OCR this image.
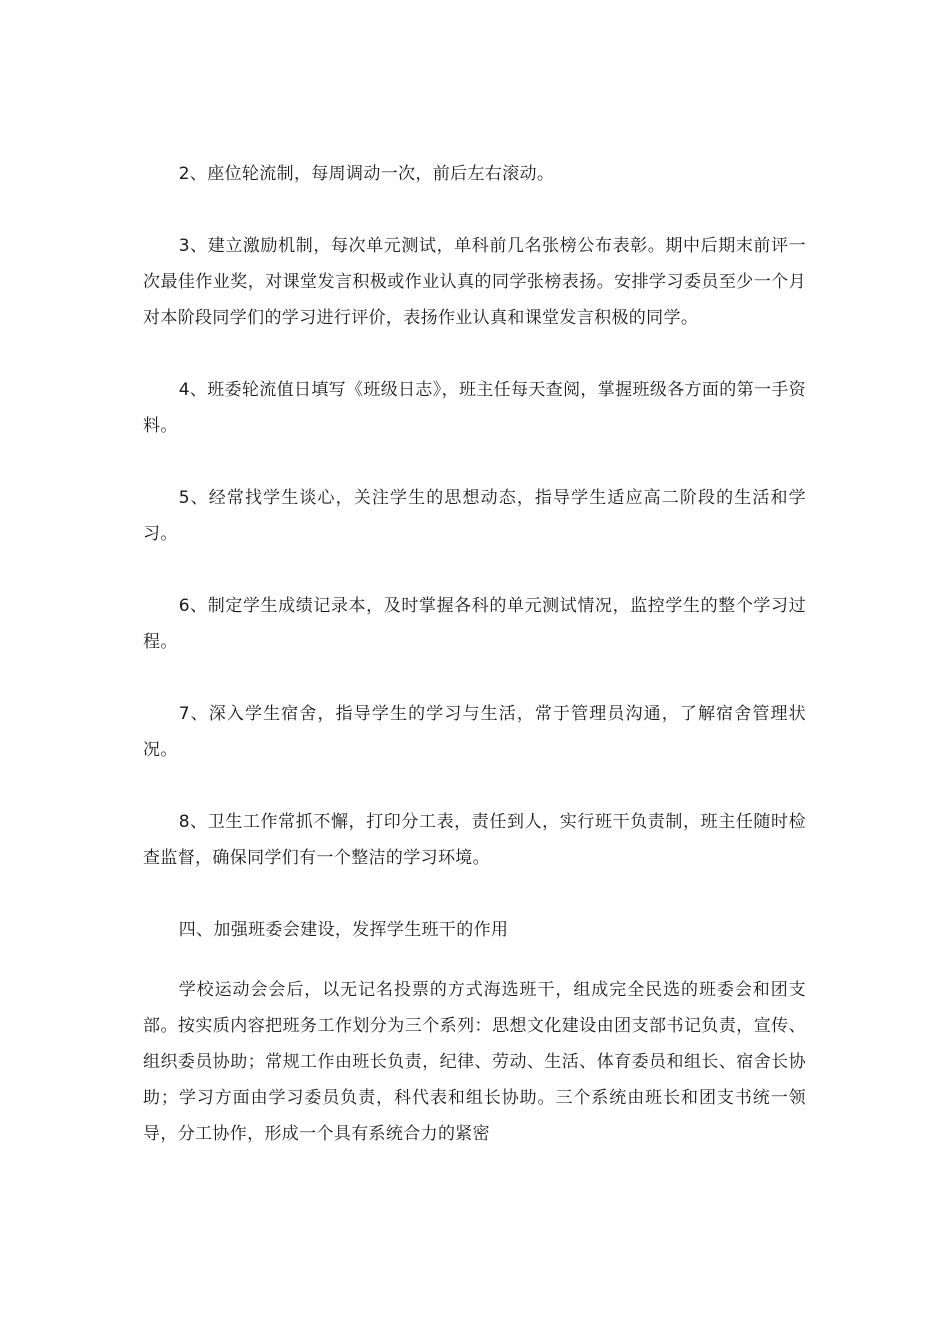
2、座位轮流制，每周调动一次，前后左右滚动。

3、建立激励机制，每次单元测试，单科前几名张榜公布表彰。期中后期末前评一次最佳作业奖，对课堂发言积极或作业认真的同学张榜表扬。安排学习委员至少一个月对本阶段同学们的学习进行评价，表扬作业认真和课堂发言积极的同学。

4、班委轮流值日填写《班级日志》，班主任每天查阅，掌握班级各方面的第一手资料。

5、经常找学生谈心，关注学生的思想动态，指导学生适应高二阶段的生活和学习。

6、制定学生成绩记录本，及时掌握各科的单元测试情况，监控学生的整个学习过程。

7、深入学生宿舍，指导学生的学习与生活，常于管理员沟通，了解宿舍管理状况。

8、卫生工作常抓不懈，打印分工表，责任到人，实行班干负责制，班主任随时检查监督，确保同学们有一个整洁的学习环境。

四、加强班委会建设，发挥学生班干的作用

学校运动会会后，以无记名投票的方式海选班干，组成完全民选的班委会和团支部。按实质内容把班务工作划分为三个系列：思想文化建设由团支部书记负责，宣传、组织委员协助；常规工作由班长负责，纪律、劳动、生活、体育委员和组长、宿舍长协助；学习方面由学习委员负责，科代表和组长协助。三个系统由班长和团支书统一领导，分工协作，形成一个具有系统合力的紧密
